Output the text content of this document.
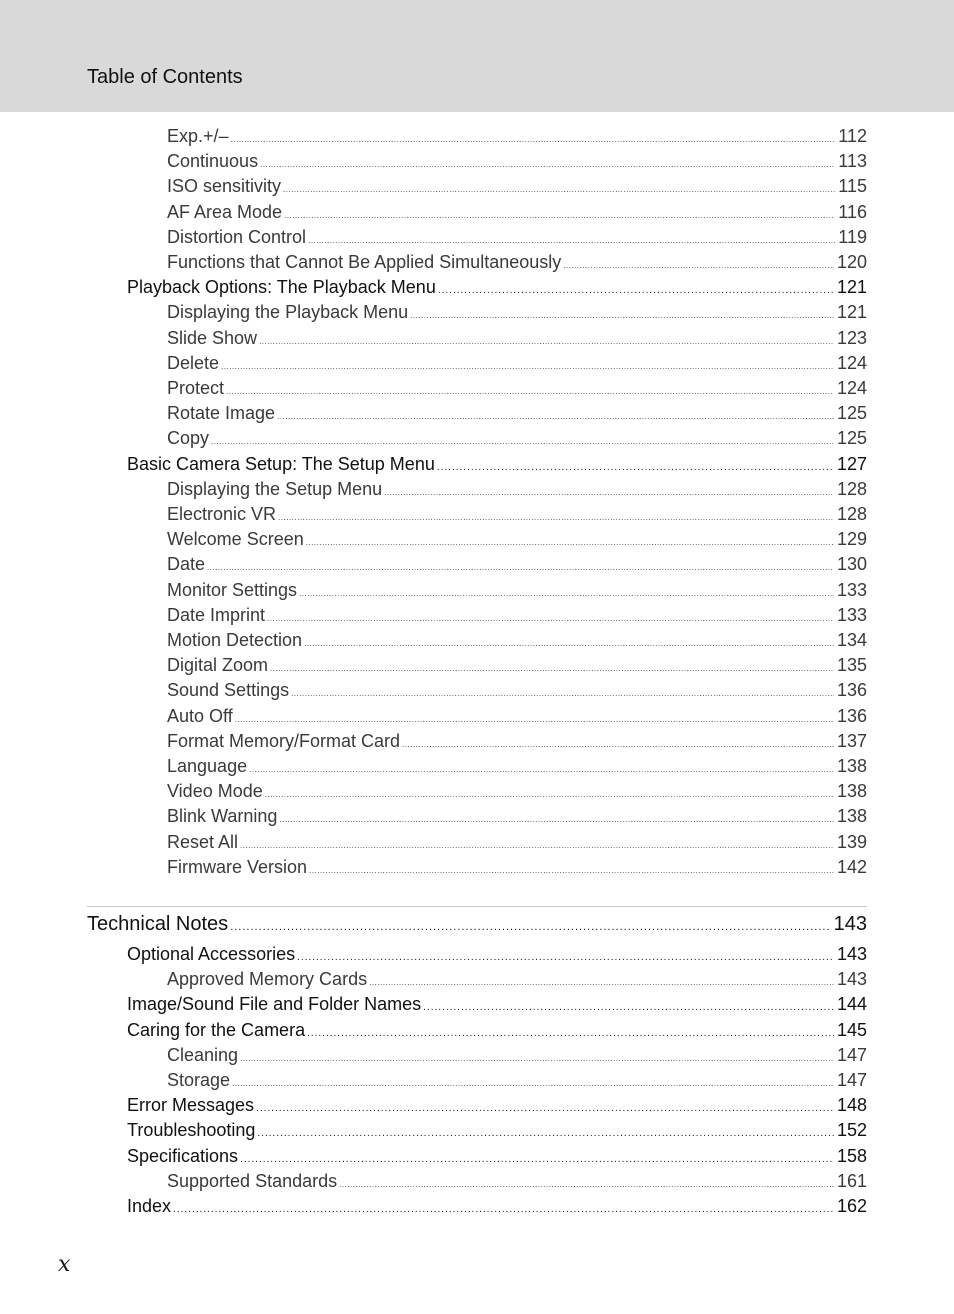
Table of Contents
Exp.+/– .....	112
Continuous .....	113
ISO sensitivity .....	115
AF Area Mode .....	116
Distortion Control .....	119
Functions that Cannot Be Applied Simultaneously .....	120
Playback Options: The Playback Menu .....	121
Displaying the Playback Menu .....	121
Slide Show .....	123
Delete .....	124
Protect .....	124
Rotate Image .....	125
Copy .....	125
Basic Camera Setup: The Setup Menu .....	127
Displaying the Setup Menu .....	128
Electronic VR .....	128
Welcome Screen .....	129
Date .....	130
Monitor Settings .....	133
Date Imprint .....	133
Motion Detection .....	134
Digital Zoom .....	135
Sound Settings .....	136
Auto Off .....	136
Format Memory/Format Card .....	137
Language .....	138
Video Mode .....	138
Blink Warning .....	138
Reset All .....	139
Firmware Version .....	142
Technical Notes .....	143
Optional Accessories .....	143
Approved Memory Cards .....	143
Image/Sound File and Folder Names .....	144
Caring for the Camera .....	145
Cleaning .....	147
Storage .....	147
Error Messages .....	148
Troubleshooting .....	152
Specifications .....	158
Supported Standards .....	161
Index .....	162
x
